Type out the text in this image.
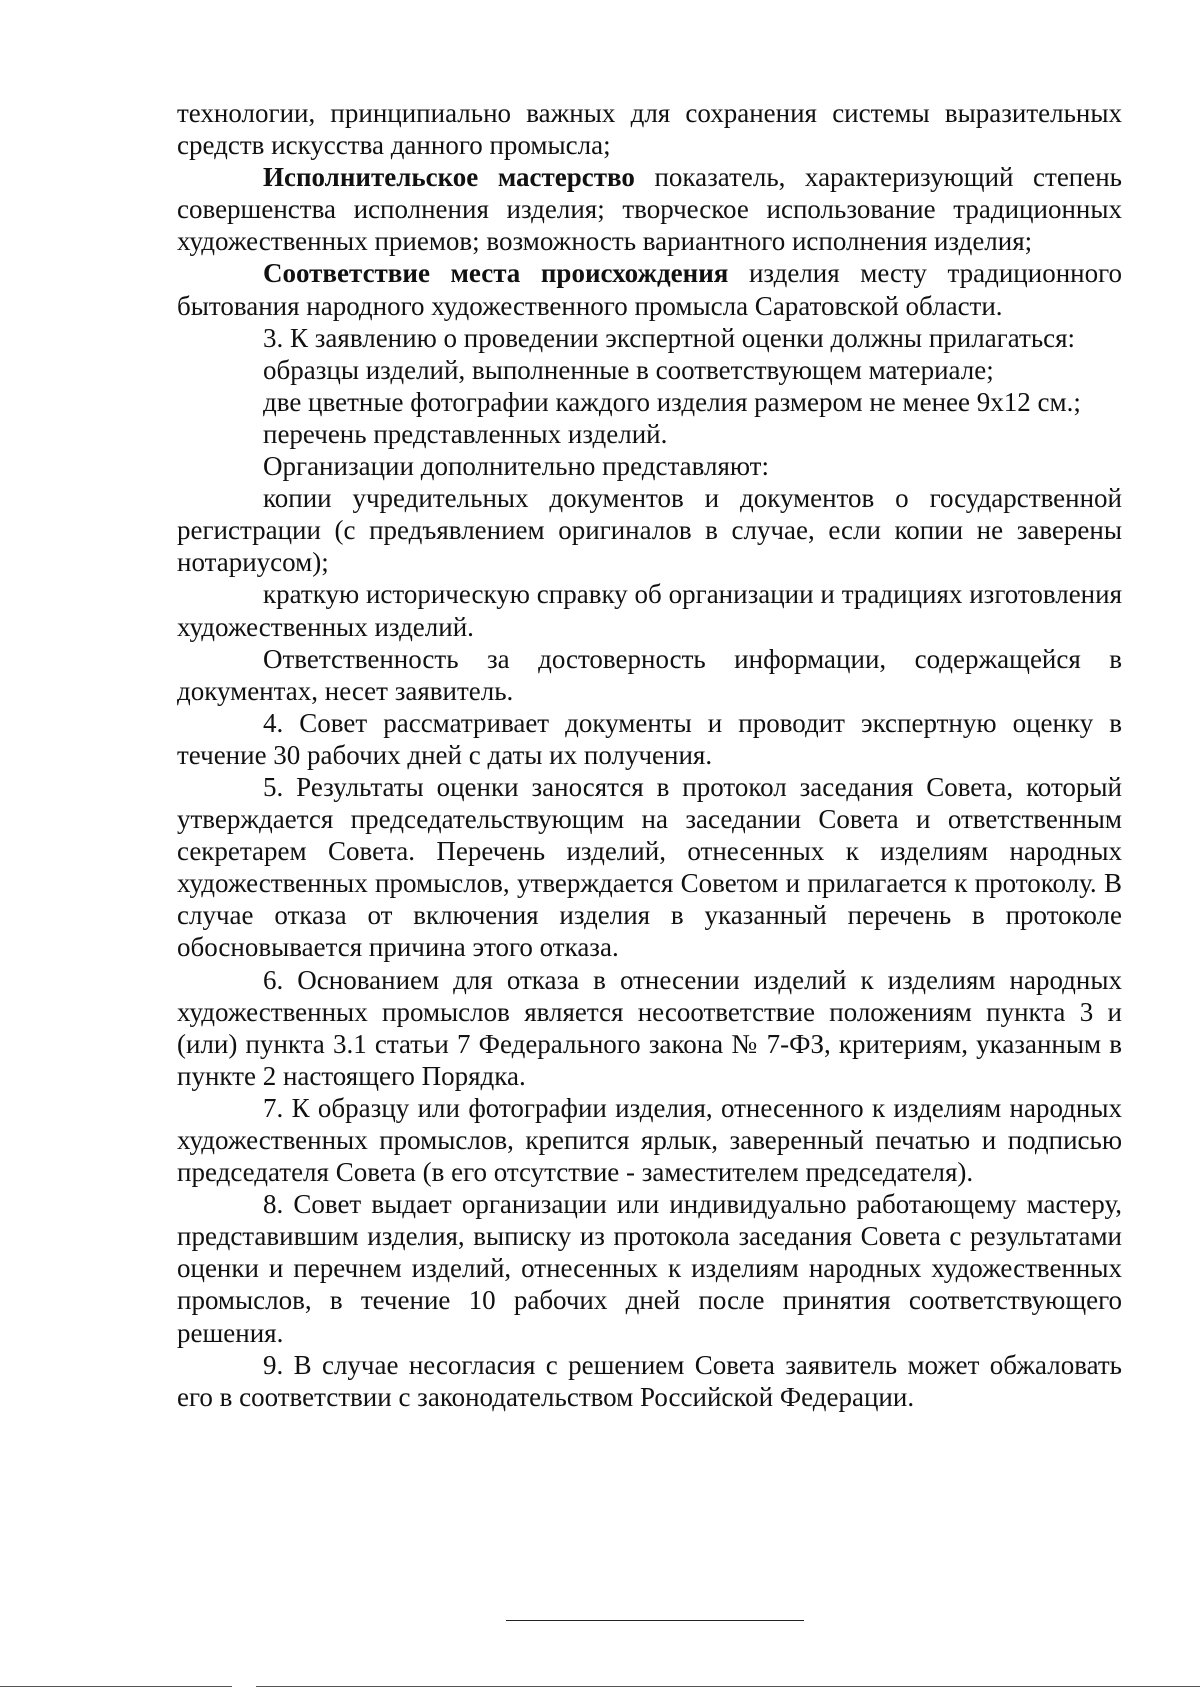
технологии, принципиально важных для сохранения системы выразительных средств искусства данного промысла;

Исполнительское мастерство показатель, характеризующий степень совершенства исполнения изделия; творческое использование традиционных художественных приемов; возможность вариантного исполнения изделия;

Соответствие места происхождения изделия месту традиционного бытования народного художественного промысла Саратовской области.

3. К заявлению о проведении экспертной оценки должны прилагаться:

образцы изделий, выполненные в соответствующем материале;

две цветные фотографии каждого изделия размером не менее 9x12 см.;

перечень представленных изделий.

Организации дополнительно представляют:

копии учредительных документов и документов о государственной регистрации (с предъявлением оригиналов в случае, если копии не заверены нотариусом);

краткую историческую справку об организации и традициях изготовления художественных изделий.

Ответственность за достоверность информации, содержащейся в документах, несет заявитель.

4. Совет рассматривает документы и проводит экспертную оценку в течение 30 рабочих дней с даты их получения.

5. Результаты оценки заносятся в протокол заседания Совета, который утверждается председательствующим на заседании Совета и ответственным секретарем Совета. Перечень изделий, отнесенных к изделиям народных художественных промыслов, утверждается Советом и прилагается к протоколу. В случае отказа от включения изделия в указанный перечень в протоколе обосновывается причина этого отказа.

6. Основанием для отказа в отнесении изделий к изделиям народных художественных промыслов является несоответствие положениям пункта 3 и (или) пункта 3.1 статьи 7 Федерального закона № 7-ФЗ, критериям, указанным в пункте 2 настоящего Порядка.

7. К образцу или фотографии изделия, отнесенного к изделиям народных художественных промыслов, крепится ярлык, заверенный печатью и подписью председателя Совета (в его отсутствие - заместителем председателя).

8. Совет выдает организации или индивидуально работающему мастеру, представившим изделия, выписку из протокола заседания Совета с результатами оценки и перечнем изделий, отнесенных к изделиям народных художественных промыслов, в течение 10 рабочих дней после принятия соответствующего решения.

9. В случае несогласия с решением Совета заявитель может обжаловать его в соответствии с законодательством Российской Федерации.
